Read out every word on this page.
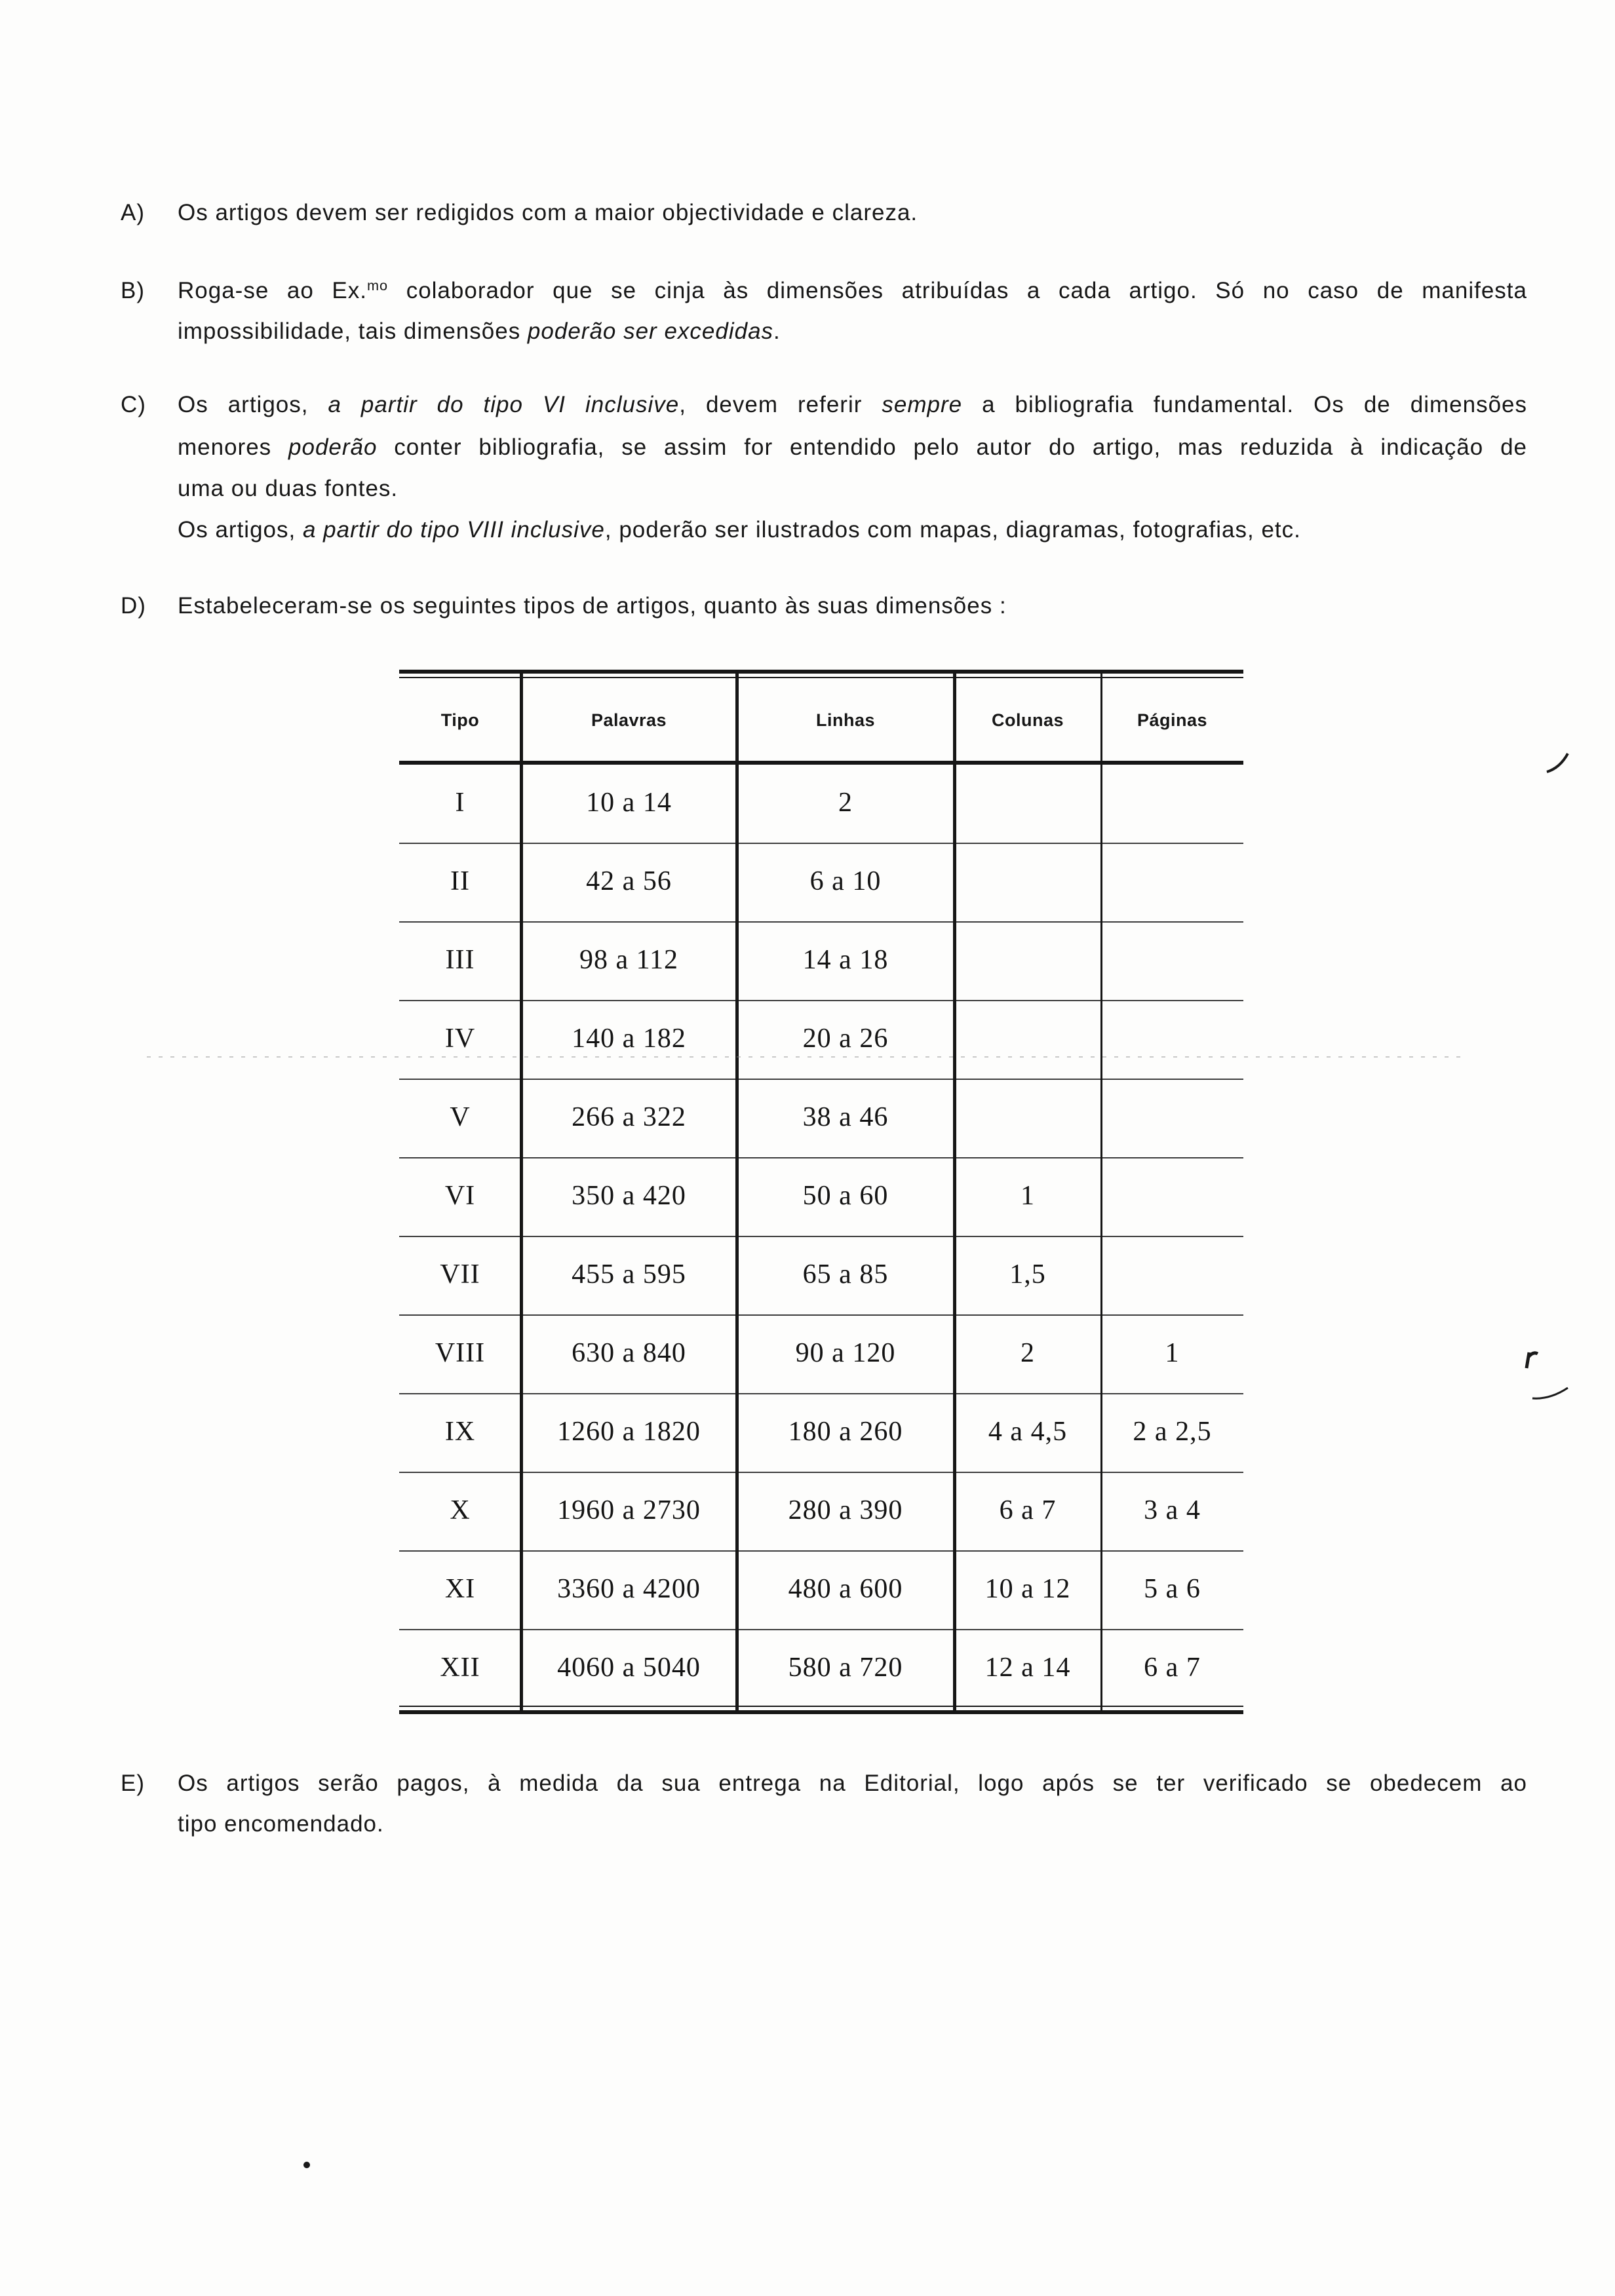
A) Os artigos devem ser redigidos com a maior objectividade e clareza.
B) Roga-se ao Ex.$^{mo}$ colaborador que se cinja às dimensões atribuídas a cada artigo. Só no caso de manifesta
impossibilidade, tais dimensões poderão ser excedidas.
C) Os artigos, a partir do tipo VI inclusive, devem referir sempre a bibliografia fundamental. Os de dimensões
menores poderão conter bibliografia, se assim for entendido pelo autor do artigo, mas reduzida à indicação de
uma ou duas fontes.
Os artigos, a partir do tipo VIII inclusive, poderão ser ilustrados com mapas, diagramas, fotografias, etc.
D) Estabeleceram-se os seguintes tipos de artigos, quanto às suas dimensões :
Tipo	Palavras	Linhas	Colunas	Páginas
I	10 a 14	2
II	42 a 56	6 a 10
III	98 a 112	14 a 18
IV	140 a 182	20 a 26
V	266 a 322	38 a 46
VI	350 a 420	50 a 60	1
VII	455 a 595	65 a 85	1,5
VIII	630 a 840	90 a 120	2	1
IX	1260 a 1820	180 a 260	4 a 4,5	2 a 2,5
X	1960 a 2730	280 a 390	6 a 7	3 a 4
XI	3360 a 4200	480 a 600	10 a 12	5 a 6
XII	4060 a 5040	580 a 720	12 a 14	6 a 7
E) Os artigos serão pagos, à medida da sua entrega na Editorial, logo após se ter verificado se obedecem ao
tipo encomendado.
